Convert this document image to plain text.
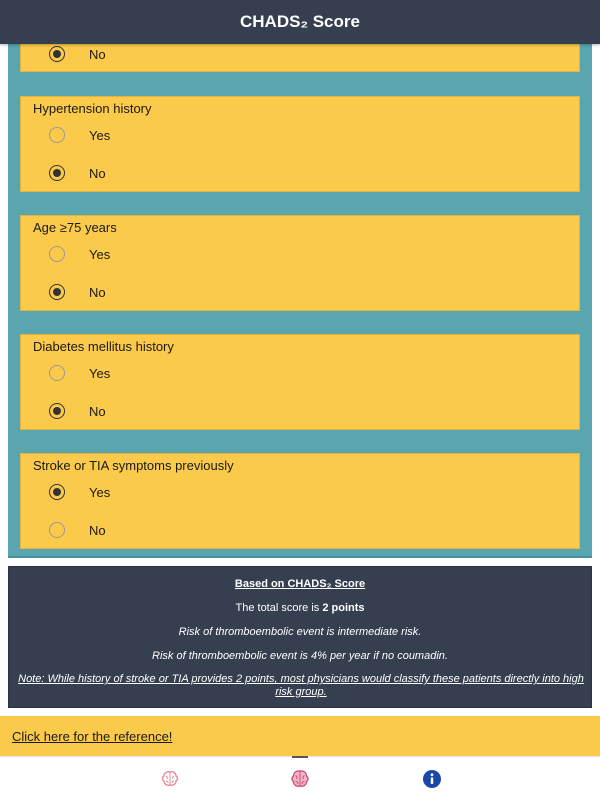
CHADS₂ Score
No
Hypertension history
Yes
No
Age ≥75 years
Yes
No
Diabetes mellitus history
Yes
No
Stroke or TIA symptoms previously
Yes
No
Based on CHADS₂ Score
The total score is 2 points
Risk of thromboembolic event is intermediate risk.
Risk of thromboembolic event is 4% per year if no coumadin.
Note: While history of stroke or TIA provides 2 points, most physicians would classify these patients directly into high risk group.
Click here for the reference!
